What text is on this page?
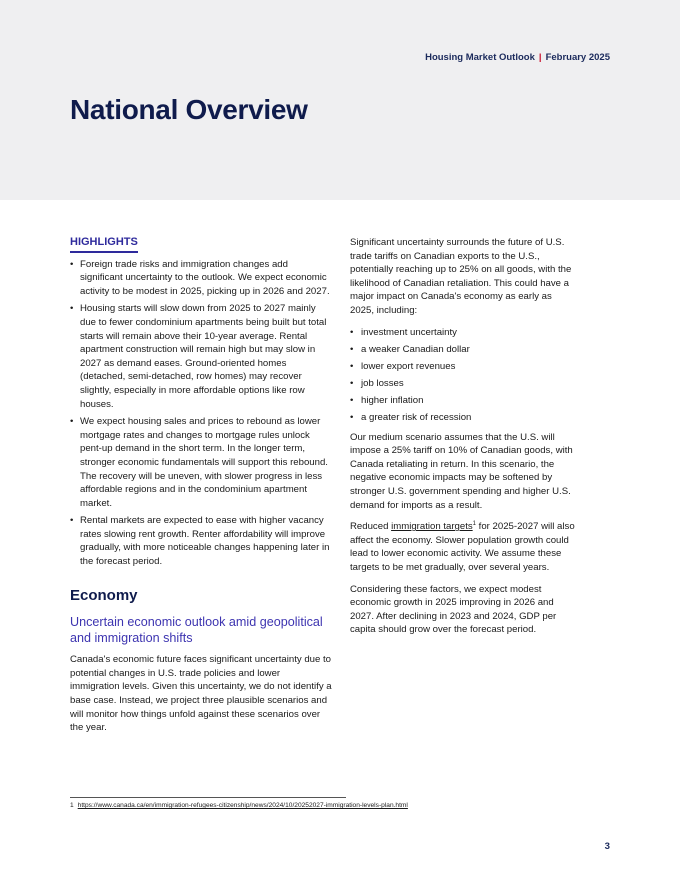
Housing Market Outlook | February 2025
National Overview
HIGHLIGHTS
• Foreign trade risks and immigration changes add significant uncertainty to the outlook. We expect economic activity to be modest in 2025, picking up in 2026 and 2027.
• Housing starts will slow down from 2025 to 2027 mainly due to fewer condominium apartments being built but total starts will remain above their 10-year average. Rental apartment construction will remain high but may slow in 2027 as demand eases. Ground-oriented homes (detached, semi-detached, row homes) may recover slightly, especially in more affordable options like row houses.
• We expect housing sales and prices to rebound as lower mortgage rates and changes to mortgage rules unlock pent-up demand in the short term. In the longer term, stronger economic fundamentals will support this rebound. The recovery will be uneven, with slower progress in less affordable regions and in the condominium apartment market.
• Rental markets are expected to ease with higher vacancy rates slowing rent growth. Renter affordability will improve gradually, with more noticeable changes happening later in the forecast period.
Economy
Uncertain economic outlook amid geopolitical and immigration shifts

Canada's economic future faces significant uncertainty due to potential changes in U.S. trade policies and lower immigration levels. Given this uncertainty, we do not identify a base case. Instead, we project three plausible scenarios and will monitor how things unfold against these scenarios over the year.

Significant uncertainty surrounds the future of U.S. trade tariffs on Canadian exports to the U.S., potentially reaching up to 25% on all goods, with the likelihood of Canadian retaliation. This could have a major impact on Canada's economy as early as 2025, including:

• investment uncertainty
• a weaker Canadian dollar
• lower export revenues
• job losses
• higher inflation
• a greater risk of recession

Our medium scenario assumes that the U.S. will impose a 25% tariff on 10% of Canadian goods, with Canada retaliating in return. In this scenario, the negative economic impacts may be softened by stronger U.S. government spending and higher U.S. demand for imports as a result.

Reduced immigration targets$^1$ for 2025-2027 will also affect the economy. Slower population growth could lead to lower economic activity. We assume these targets to be met gradually, over several years.

Considering these factors, we expect modest economic growth in 2025 improving in 2026 and 2027. After declining in 2023 and 2024, GDP per capita should grow over the forecast period.

1 https://www.canada.ca/en/immigration-refugees-citizenship/news/2024/10/20252027-immigration-levels-plan.html
3
